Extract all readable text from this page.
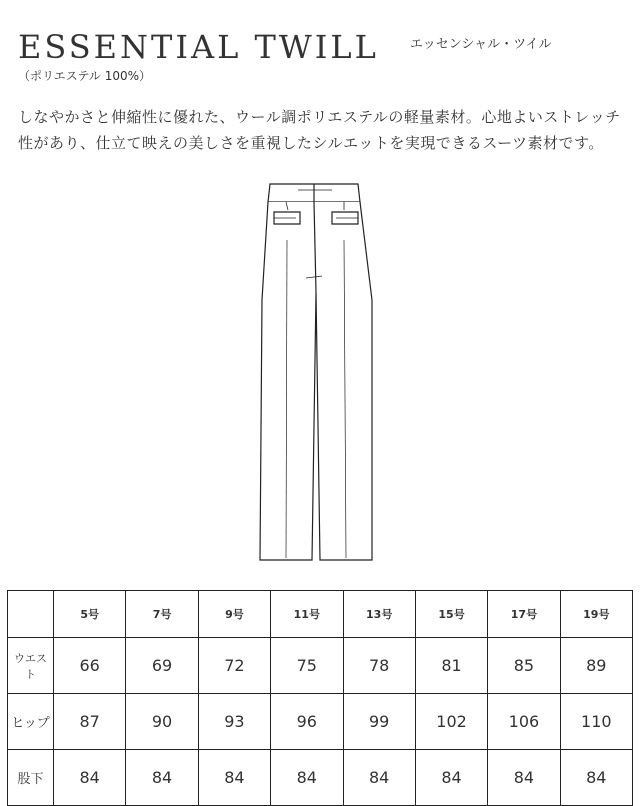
ESSENTIAL TWILL エッセンシャル・ツイル
（ポリエステル 100%）
しなやかさと伸縮性に優れた、ウール調ポリエステルの軽量素材。心地よいストレッチ性があり、仕立て映えの美しさを重視したシルエットを実現できるスーツ素材です。
	5号	7号	9号	11号	13号	15号	17号	19号
ウエスト	66	69	72	75	78	81	85	89
ヒップ	87	90	93	96	99	102	106	110
股下	84	84	84	84	84	84	84	84
